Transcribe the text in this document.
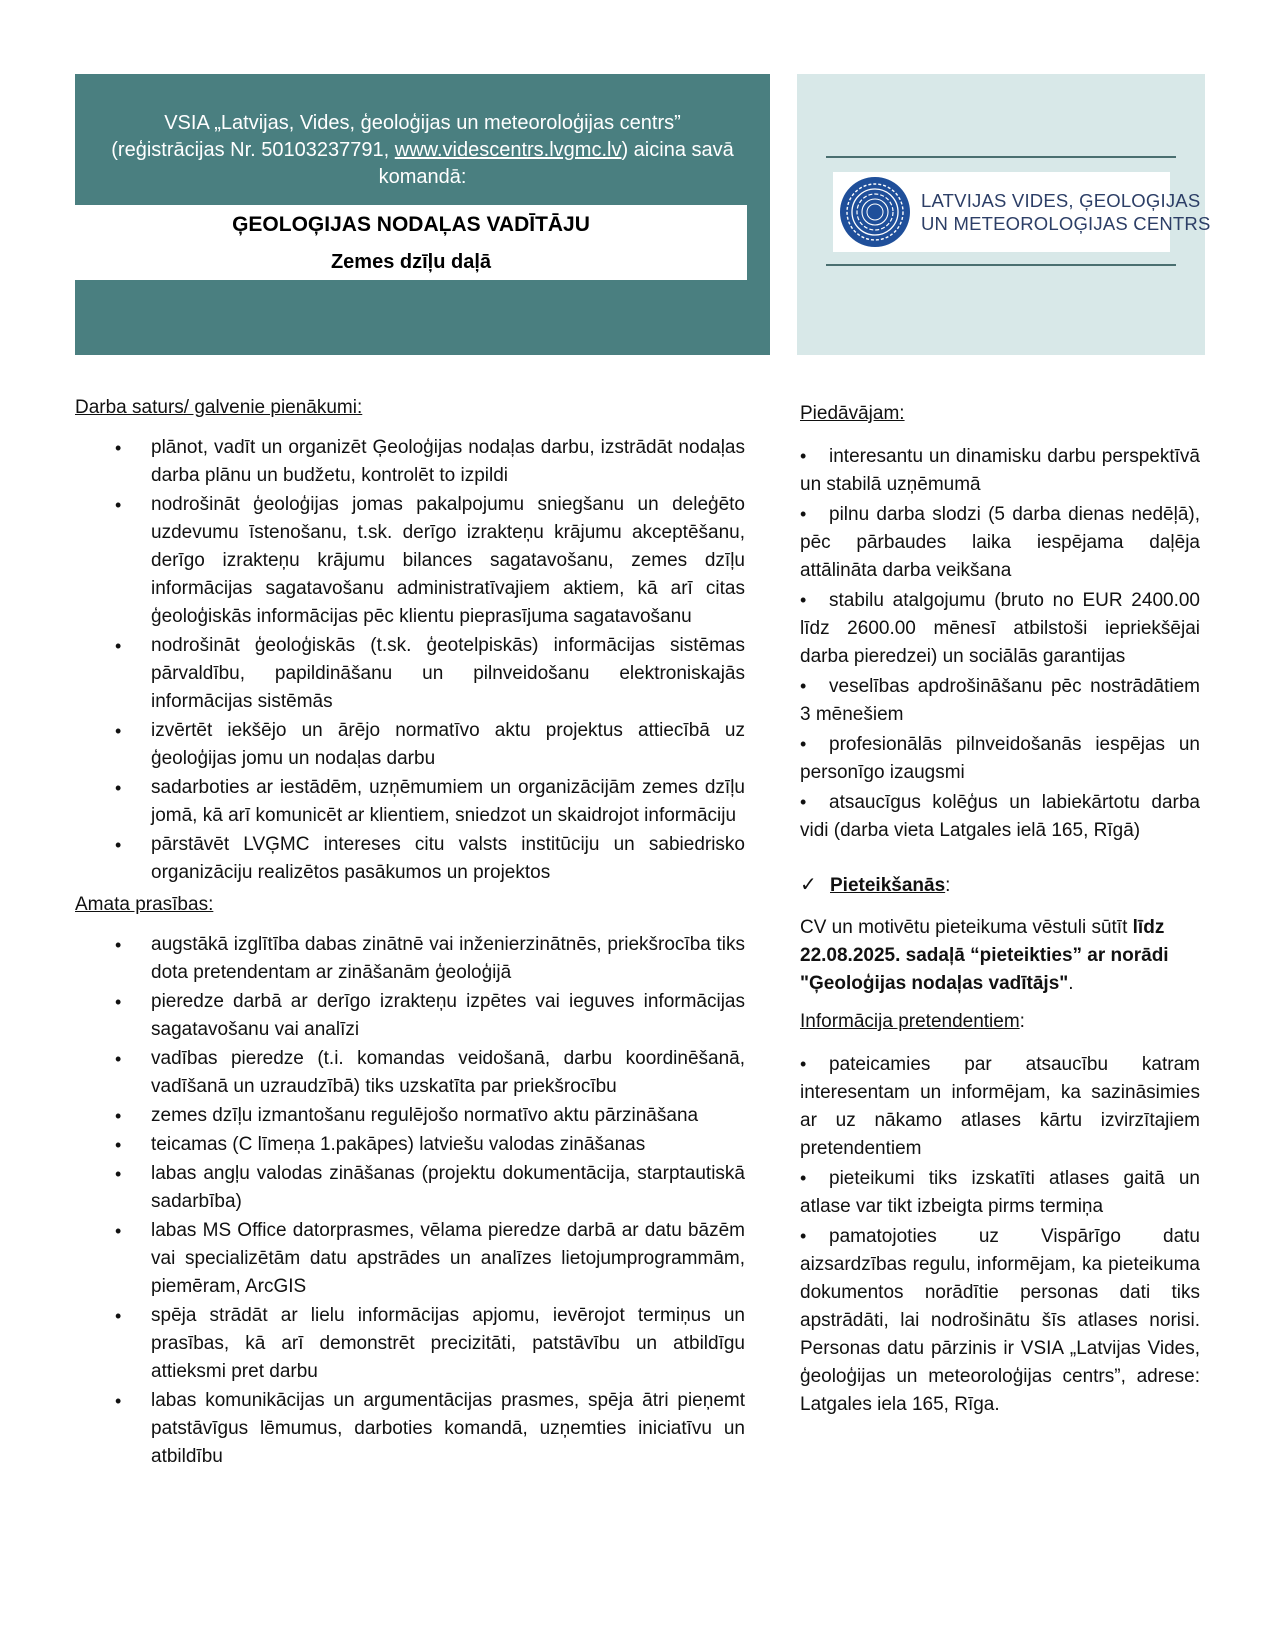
VSIA „Latvijas, Vides, ģeoloģijas un meteoroloģijas centrs”
(reģistrācijas Nr. 50103237791, www.videscentrs.lvgmc.lv) aicina savā
komandā:
ĢEOLOĢIJAS NODAĻAS VADĪTĀJU
Zemes dzīļu daļā
LATVIJAS VIDES, ĢEOLOĢIJAS
UN METEOROLOĢIJAS CENTRS
Darba saturs/ galvenie pienākumi:
• plānot, vadīt un organizēt Ģeoloģijas nodaļas darbu, izstrādāt nodaļas darba plānu un budžetu, kontrolēt to izpildi
• nodrošināt ģeoloģijas jomas pakalpojumu sniegšanu un deleģēto uzdevumu īstenošanu, t.sk. derīgo izrakteņu krājumu akceptēšanu, derīgo izrakteņu krājumu bilances sagatavošanu, zemes dzīļu informācijas sagatavošanu administratīvajiem aktiem, kā arī citas ģeoloģiskās informācijas pēc klientu pieprasījuma sagatavošanu
• nodrošināt ģeoloģiskās (t.sk. ģeotelpiskās) informācijas sistēmas pārvaldību, papildināšanu un pilnveidošanu elektroniskajās informācijas sistēmās
• izvērtēt iekšējo un ārējo normatīvo aktu projektus attiecībā uz ģeoloģijas jomu un nodaļas darbu
• sadarboties ar iestādēm, uzņēmumiem un organizācijām zemes dzīļu jomā, kā arī komunicēt ar klientiem, sniedzot un skaidrojot informāciju
• pārstāvēt LVĢMC intereses citu valsts institūciju un sabiedrisko organizāciju realizētos pasākumos un projektos
Amata prasības:
• augstākā izglītība dabas zinātnē vai inženierzinātnēs, priekšrocība tiks dota pretendentam ar zināšanām ģeoloģijā
• pieredze darbā ar derīgo izrakteņu izpētes vai ieguves informācijas sagatavošanu vai analīzi
• vadības pieredze (t.i. komandas veidošanā, darbu koordinēšanā, vadīšanā un uzraudzībā) tiks uzskatīta par priekšrocību
• zemes dzīļu izmantošanu regulējošo normatīvo aktu pārzināšana
• teicamas (C līmeņa 1.pakāpes) latviešu valodas zināšanas
• labas angļu valodas zināšanas (projektu dokumentācija, starptautiskā sadarbība)
• labas MS Office datorprasmes, vēlama pieredze darbā ar datu bāzēm vai specializētām datu apstrādes un analīzes lietojumprogrammām, piemēram, ArcGIS
• spēja strādāt ar lielu informācijas apjomu, ievērojot termiņus un prasības, kā arī demonstrēt precizitāti, patstāvību un atbildīgu attieksmi pret darbu
• labas komunikācijas un argumentācijas prasmes, spēja ātri pieņemt patstāvīgus lēmumus, darboties komandā, uzņemties iniciatīvu un atbildību
Piedāvājam:
• interesantu un dinamisku darbu perspektīvā un stabilā uzņēmumā
• pilnu darba slodzi (5 darba dienas nedēļā), pēc pārbaudes laika iespējama daļēja attālināta darba veikšana
• stabilu atalgojumu (bruto no EUR 2400.00 līdz 2600.00 mēnesī atbilstoši iepriekšējai darba pieredzei) un sociālās garantijas
• veselības apdrošināšanu pēc nostrādātiem 3 mēnešiem
• profesionālās pilnveidošanās iespējas un personīgo izaugsmi
• atsaucīgus kolēģus un labiekārtotu darba vidi (darba vieta Latgales ielā 165, Rīgā)
✓ Pieteikšanās:
CV un motivētu pieteikuma vēstuli sūtīt līdz 22.08.2025. sadaļā “pieteikties” ar norādi "Ģeoloģijas nodaļas vadītājs".
Informācija pretendentiem:
• pateicamies par atsaucību katram interesentam un informējam, ka sazināsimies ar uz nākamo atlases kārtu izvirzītajiem pretendentiem
• pieteikumi tiks izskatīti atlases gaitā un atlase var tikt izbeigta pirms termiņa
• pamatojoties uz Vispārīgo datu aizsardzības regulu, informējam, ka pieteikuma dokumentos norādītie personas dati tiks apstrādāti, lai nodrošinātu šīs atlases norisi. Personas datu pārzinis ir VSIA „Latvijas Vides, ģeoloģijas un meteoroloģijas centrs”, adrese: Latgales iela 165, Rīga.
